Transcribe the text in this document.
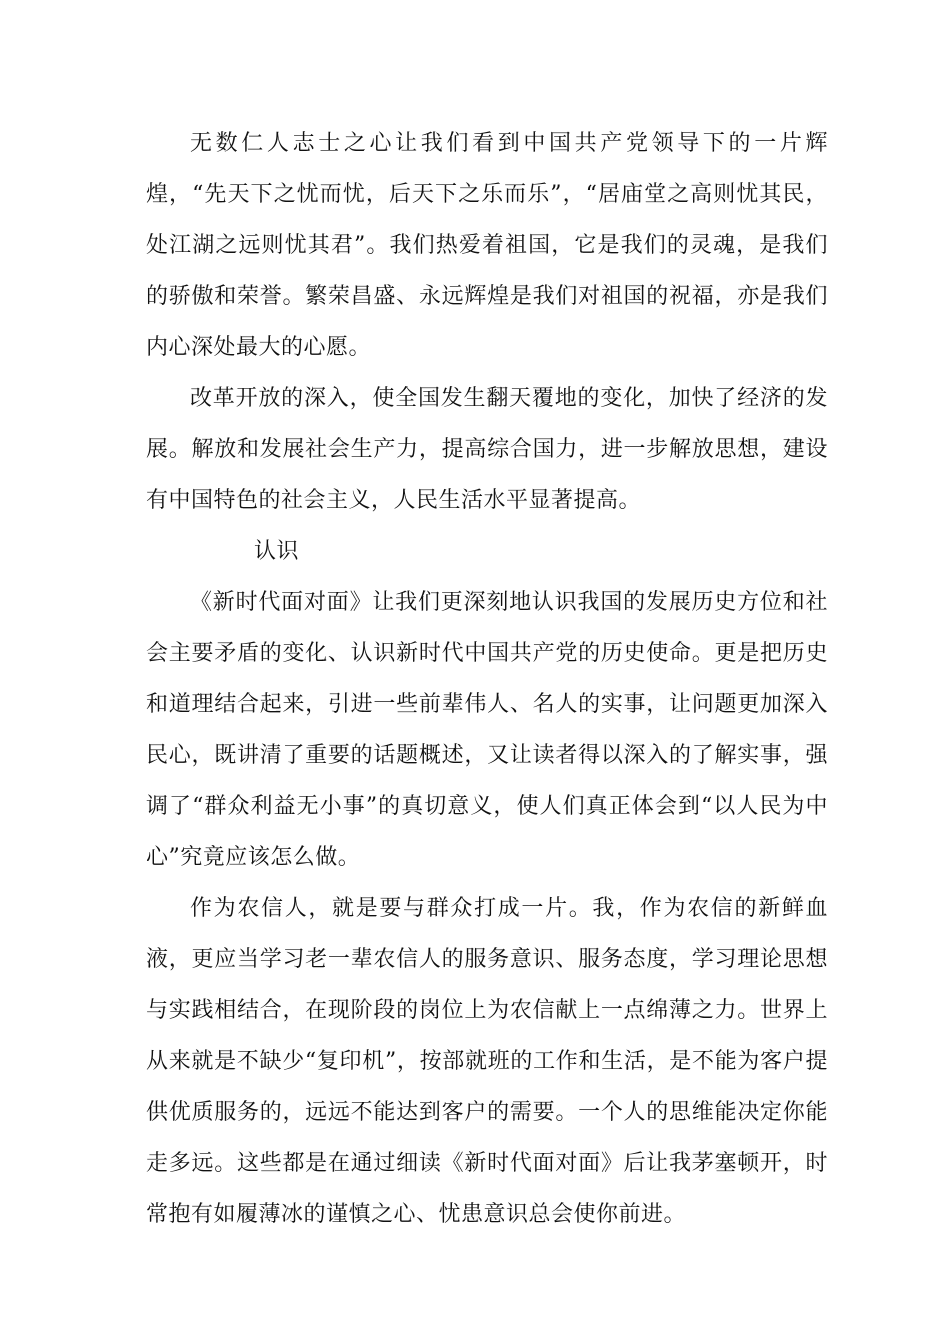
无数仁人志士之心让我们看到中国共产党领导下的一片辉煌，“先天下之忧而忧，后天下之乐而乐”，“居庙堂之高则忧其民，处江湖之远则忧其君”。我们热爱着祖国，它是我们的灵魂，是我们的骄傲和荣誉。繁荣昌盛、永远辉煌是我们对祖国的祝福，亦是我们内心深处最大的心愿。

改革开放的深入，使全国发生翻天覆地的变化，加快了经济的发展。解放和发展社会生产力，提高综合国力，进一步解放思想，建设有中国特色的社会主义，人民生活水平显著提高。

认识

《新时代面对面》让我们更深刻地认识我国的发展历史方位和社会主要矛盾的变化、认识新时代中国共产党的历史使命。更是把历史和道理结合起来，引进一些前辈伟人、名人的实事，让问题更加深入民心，既讲清了重要的话题概述，又让读者得以深入的了解实事，强调了“群众利益无小事”的真切意义，使人们真正体会到“以人民为中心”究竟应该怎么做。

作为农信人，就是要与群众打成一片。我，作为农信的新鲜血液，更应当学习老一辈农信人的服务意识、服务态度，学习理论思想与实践相结合，在现阶段的岗位上为农信献上一点绵薄之力。世界上从来就是不缺少“复印机”，按部就班的工作和生活，是不能为客户提供优质服务的，远远不能达到客户的需要。一个人的思维能决定你能走多远。这些都是在通过细读《新时代面对面》后让我茅塞顿开，时常抱有如履薄冰的谨慎之心、忧患意识总会使你前进。
